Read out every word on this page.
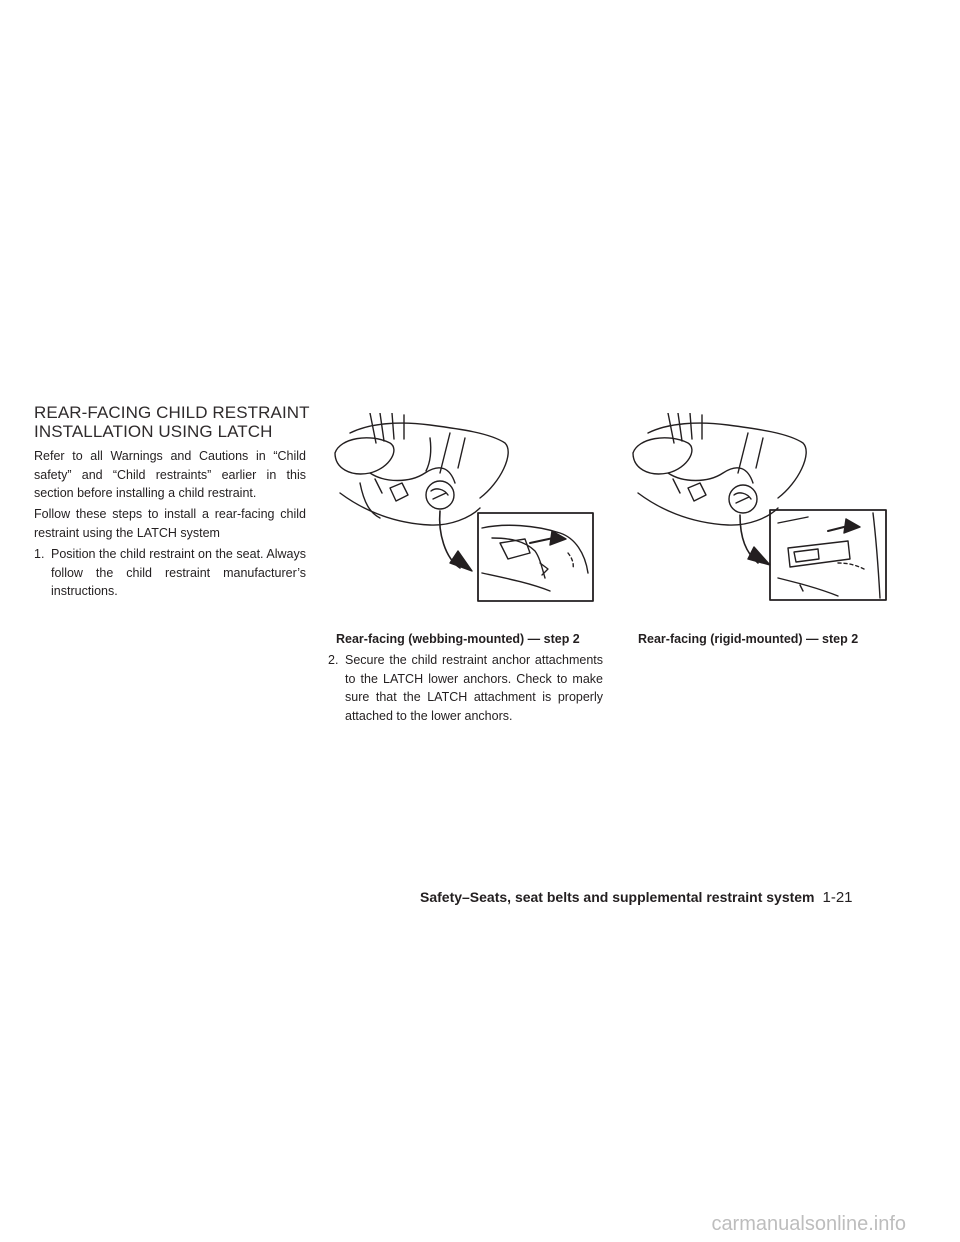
REAR-FACING CHILD RESTRAINT
INSTALLATION USING LATCH

Refer to all Warnings and Cautions in “Child safety” and “Child restraints” earlier in this section before installing a child restraint.

Follow these steps to install a rear-facing child restraint using the LATCH system

1. Position the child restraint on the seat. Always follow the child restraint manufacturer’s instructions.
Rear-facing (webbing-mounted) — step 2	Rear-facing (rigid-mounted) — step 2
2. Secure the child restraint anchor attachments to the LATCH lower anchors. Check to make sure that the LATCH attachment is properly attached to the lower anchors.
Safety–Seats, seat belts and supplemental restraint system 1-21
carmanualsonline.info
